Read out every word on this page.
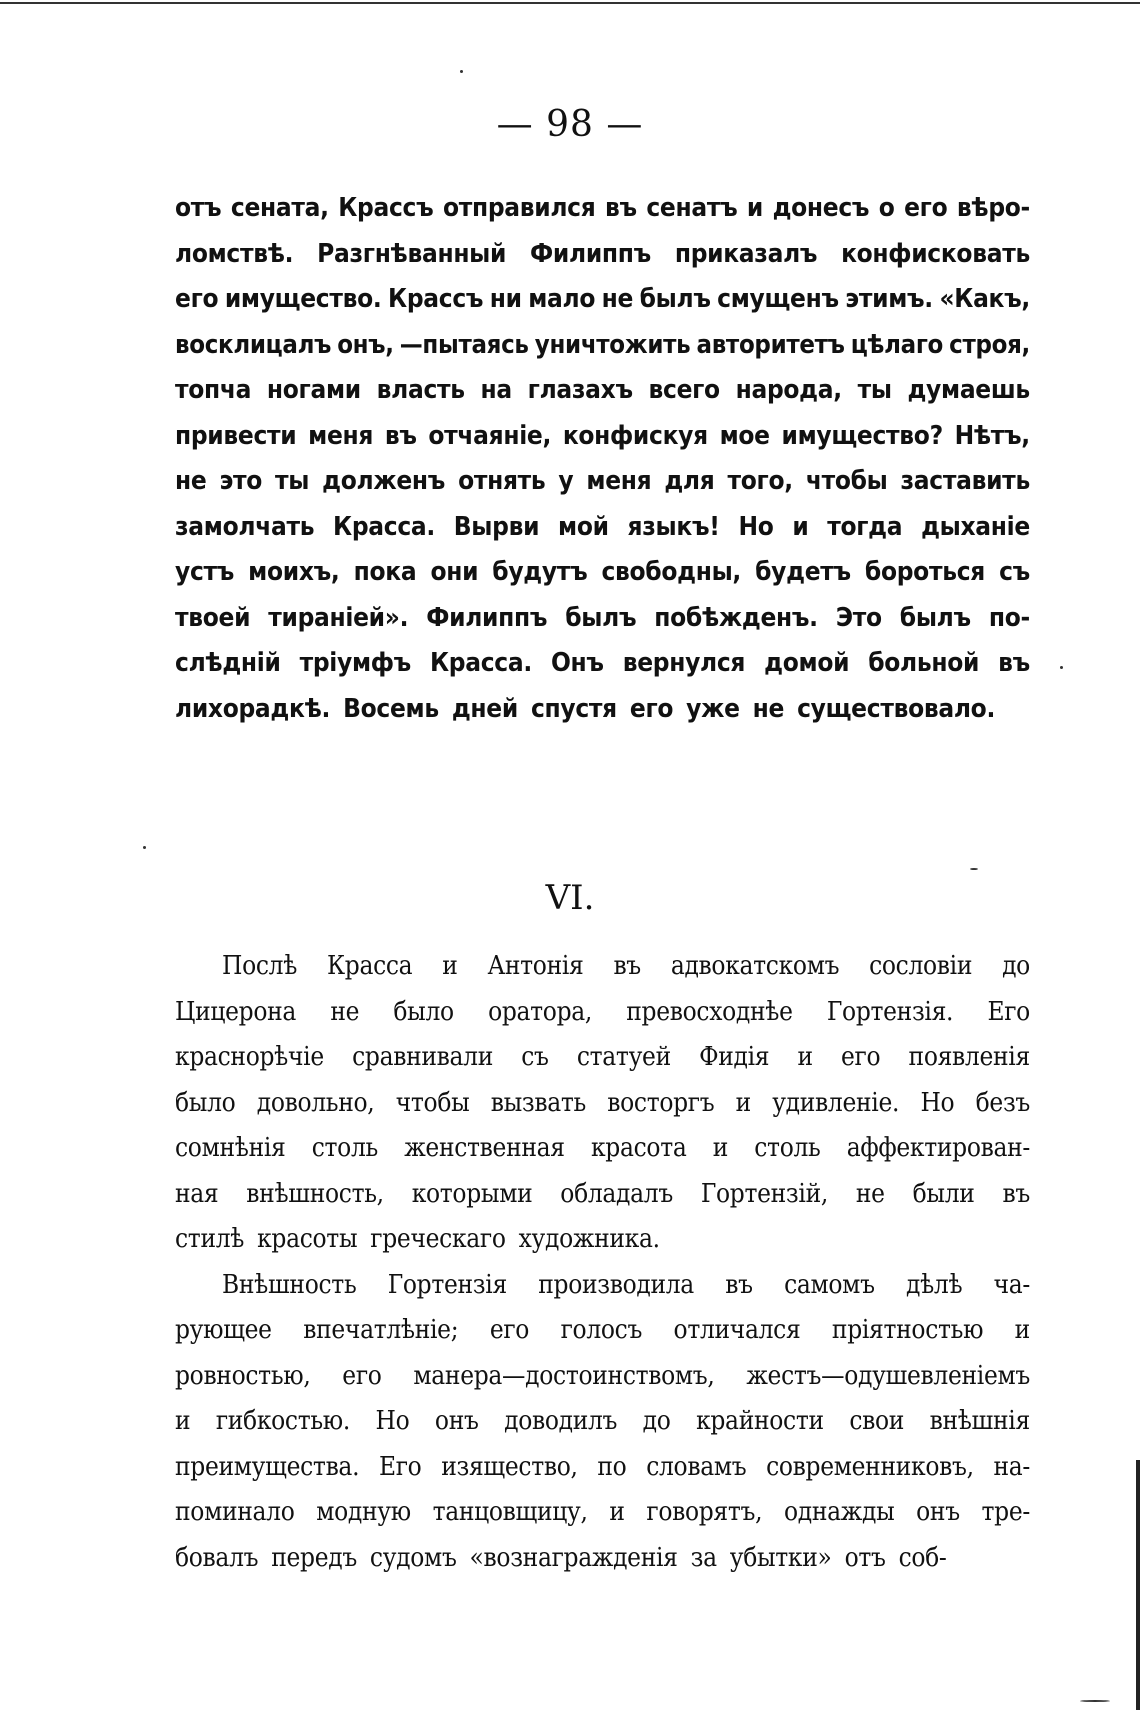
— 98 —
отъ сената, Крассъ отправился въ сенатъ и донесъ о его вѣро-
ломствѣ. Разгнѣванный Филиппъ приказалъ конфисковать
его имущество. Крассъ ни мало не былъ смущенъ этимъ. «Какъ,
восклицалъ онъ, —пытаясь уничтожить авторитетъ цѣлаго строя,
топча ногами власть на глазахъ всего народа, ты думаешь
привести меня въ отчаяніе, конфискуя мое имущество? Нѣтъ,
не это ты долженъ отнять у меня для того, чтобы заставить
замолчать Красса. Вырви мой языкъ! Но и тогда дыханіе
устъ моихъ, пока они будутъ свободны, будетъ бороться съ
твоей тираніей». Филиппъ былъ побѣжденъ. Это былъ по-
слѣдній тріумфъ Красса. Онъ вернулся домой больной въ
лихорадкѣ. Восемь дней спустя его уже не существовало.
VI.
Послѣ Красса и Антонія въ адвокатскомъ сословіи до
Цицерона не было оратора, превосходнѣе Гортензія. Его
краснорѣчіе сравнивали съ статуей Фидія и его появленія
было довольно, чтобы вызвать восторгъ и удивленіе. Но безъ
сомнѣнія столь женственная красота и столь аффектирован-
ная внѣшность, которыми обладалъ Гортензій, не были въ
стилѣ красоты греческаго художника.
Внѣшность Гортензія производила въ самомъ дѣлѣ ча-
рующее впечатлѣніе; его голосъ отличался пріятностью и
ровностью, его манера—достоинствомъ, жестъ—одушевленіемъ
и гибкостью. Но онъ доводилъ до крайности свои внѣшнія
преимущества. Его изящество, по словамъ современниковъ, на-
поминало модную танцовщицу, и говорятъ, однажды онъ тре-
бовалъ передъ судомъ «вознагражденія за убытки» отъ соб-
